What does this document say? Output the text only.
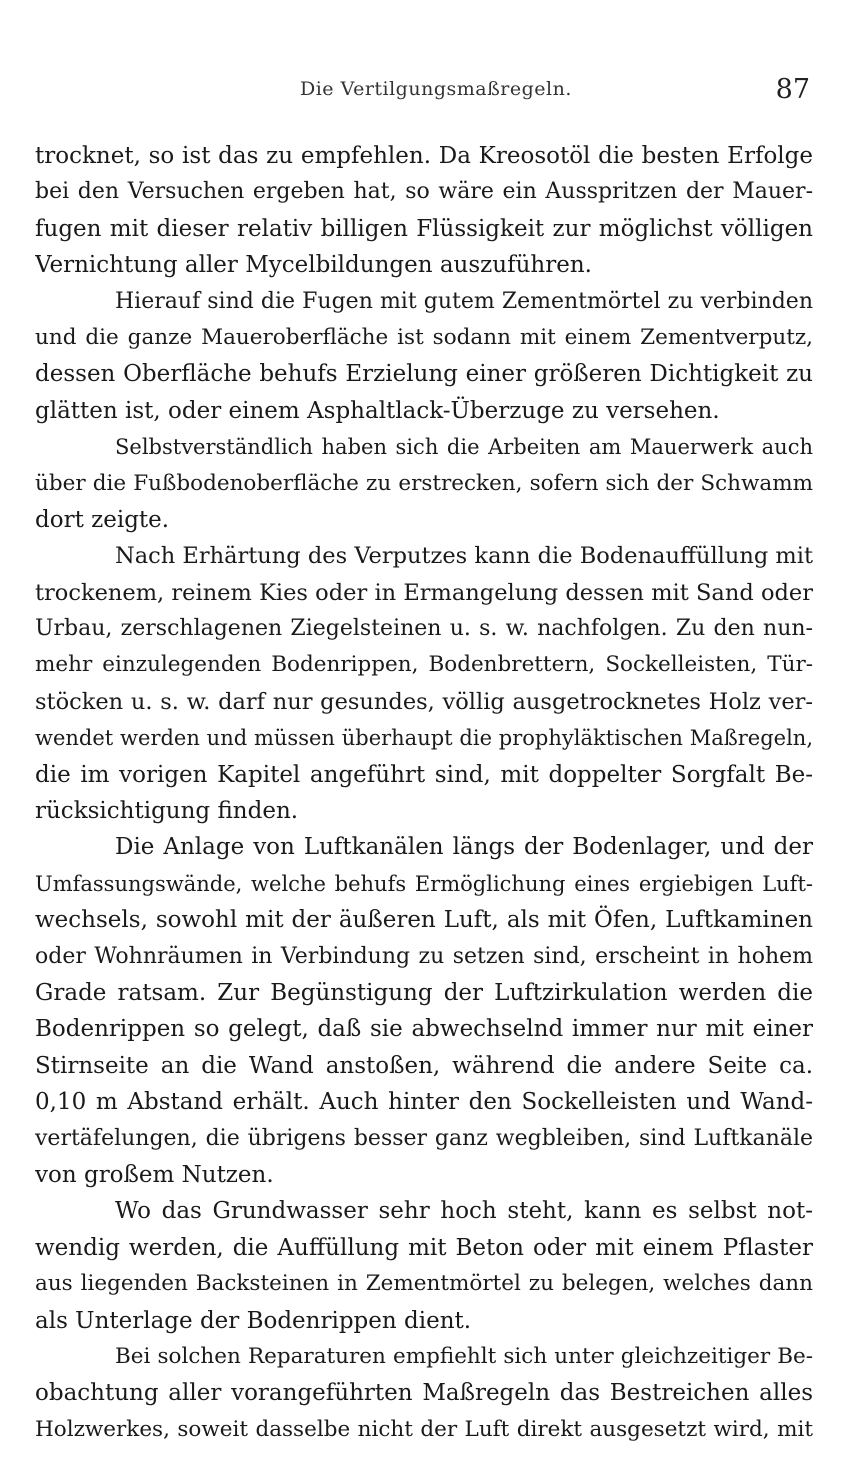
Die Vertilgungsmaßregeln.	87
trocknet, so ist das zu empfehlen. Da Kreosotöl die besten Erfolge
bei den Versuchen ergeben hat, so wäre ein Ausspritzen der Mauer-
fugen mit dieser relativ billigen Flüssigkeit zur möglichst völligen
Vernichtung aller Mycelbildungen auszuführen.
Hierauf sind die Fugen mit gutem Zementmörtel zu verbinden
und die ganze Maueroberfläche ist sodann mit einem Zementverputz,
dessen Oberfläche behufs Erzielung einer größeren Dichtigkeit zu
glätten ist, oder einem Asphaltlack-Überzuge zu versehen.
Selbstverständlich haben sich die Arbeiten am Mauerwerk auch
über die Fußbodenoberfläche zu erstrecken, sofern sich der Schwamm
dort zeigte.
Nach Erhärtung des Verputzes kann die Bodenauffüllung mit
trockenem, reinem Kies oder in Ermangelung dessen mit Sand oder
Urbau, zerschlagenen Ziegelsteinen u. s. w. nachfolgen. Zu den nun-
mehr einzulegenden Bodenrippen, Bodenbrettern, Sockelleisten, Tür-
stöcken u. s. w. darf nur gesundes, völlig ausgetrocknetes Holz ver-
wendet werden und müssen überhaupt die prophyläktischen Maßregeln,
die im vorigen Kapitel angeführt sind, mit doppelter Sorgfalt Be-
rücksichtigung finden.
Die Anlage von Luftkanälen längs der Bodenlager, und der
Umfassungswände, welche behufs Ermöglichung eines ergiebigen Luft-
wechsels, sowohl mit der äußeren Luft, als mit Öfen, Luftkaminen
oder Wohnräumen in Verbindung zu setzen sind, erscheint in hohem
Grade ratsam. Zur Begünstigung der Luftzirkulation werden die
Bodenrippen so gelegt, daß sie abwechselnd immer nur mit einer
Stirnseite an die Wand anstoßen, während die andere Seite ca.
0,10 m Abstand erhält. Auch hinter den Sockelleisten und Wand-
vertäfelungen, die übrigens besser ganz wegbleiben, sind Luftkanäle
von großem Nutzen.
Wo das Grundwasser sehr hoch steht, kann es selbst not-
wendig werden, die Auffüllung mit Beton oder mit einem Pflaster
aus liegenden Backsteinen in Zementmörtel zu belegen, welches dann
als Unterlage der Bodenrippen dient.
Bei solchen Reparaturen empfiehlt sich unter gleichzeitiger Be-
obachtung aller vorangeführten Maßregeln das Bestreichen alles
Holzwerkes, soweit dasselbe nicht der Luft direkt ausgesetzt wird, mit
